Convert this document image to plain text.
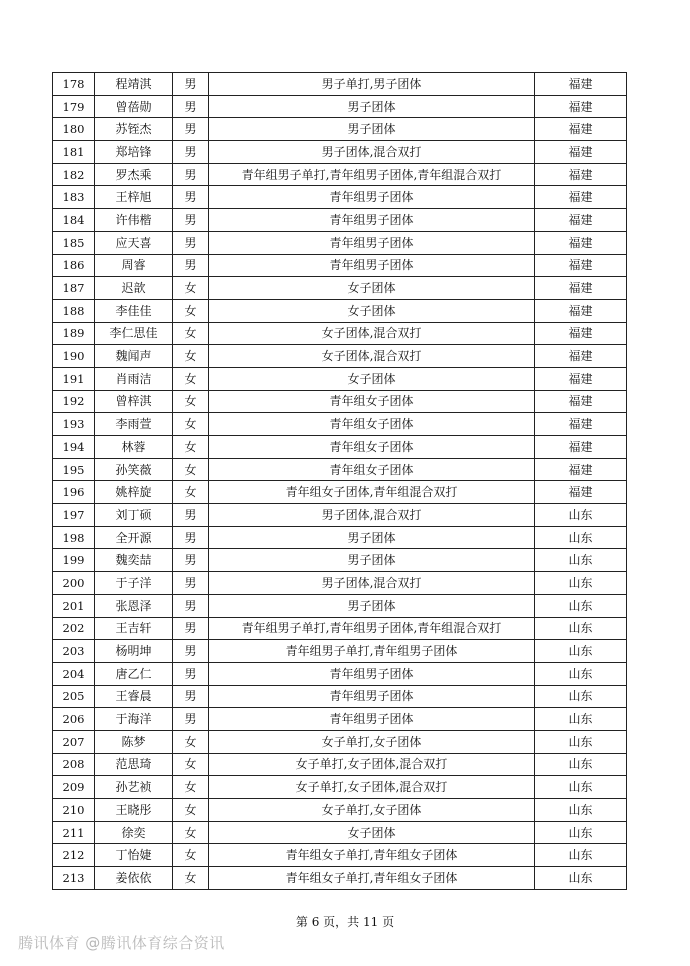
178	程靖淇	男	男子单打,男子团体	福建
179	曾蓓勋	男	男子团体	福建
180	苏铚杰	男	男子团体	福建
181	郑培锋	男	男子团体,混合双打	福建
182	罗杰乘	男	青年组男子单打,青年组男子团体,青年组混合双打	福建
183	王梓旭	男	青年组男子团体	福建
184	许伟楷	男	青年组男子团体	福建
185	应天喜	男	青年组男子团体	福建
186	周睿	男	青年组男子团体	福建
187	迟歆	女	女子团体	福建
188	李佳佳	女	女子团体	福建
189	李仁思佳	女	女子团体,混合双打	福建
190	魏闻声	女	女子团体,混合双打	福建
191	肖雨洁	女	女子团体	福建
192	曾梓淇	女	青年组女子团体	福建
193	李雨萱	女	青年组女子团体	福建
194	林蓉	女	青年组女子团体	福建
195	孙笑薇	女	青年组女子团体	福建
196	姚梓旋	女	青年组女子团体,青年组混合双打	福建
197	刘丁硕	男	男子团体,混合双打	山东
198	全开源	男	男子团体	山东
199	魏奕喆	男	男子团体	山东
200	于子洋	男	男子团体,混合双打	山东
201	张恩泽	男	男子团体	山东
202	王吉轩	男	青年组男子单打,青年组男子团体,青年组混合双打	山东
203	杨明坤	男	青年组男子单打,青年组男子团体	山东
204	唐乙仁	男	青年组男子团体	山东
205	王睿晨	男	青年组男子团体	山东
206	于海洋	男	青年组男子团体	山东
207	陈梦	女	女子单打,女子团体	山东
208	范思琦	女	女子单打,女子团体,混合双打	山东
209	孙艺祯	女	女子单打,女子团体,混合双打	山东
210	王晓彤	女	女子单打,女子团体	山东
211	徐奕	女	女子团体	山东
212	丁怡婕	女	青年组女子单打,青年组女子团体	山东
213	姜依依	女	青年组女子单打,青年组女子团体	山东
第 6 页，共 11 页
腾讯体育 @腾讯体育综合资讯
